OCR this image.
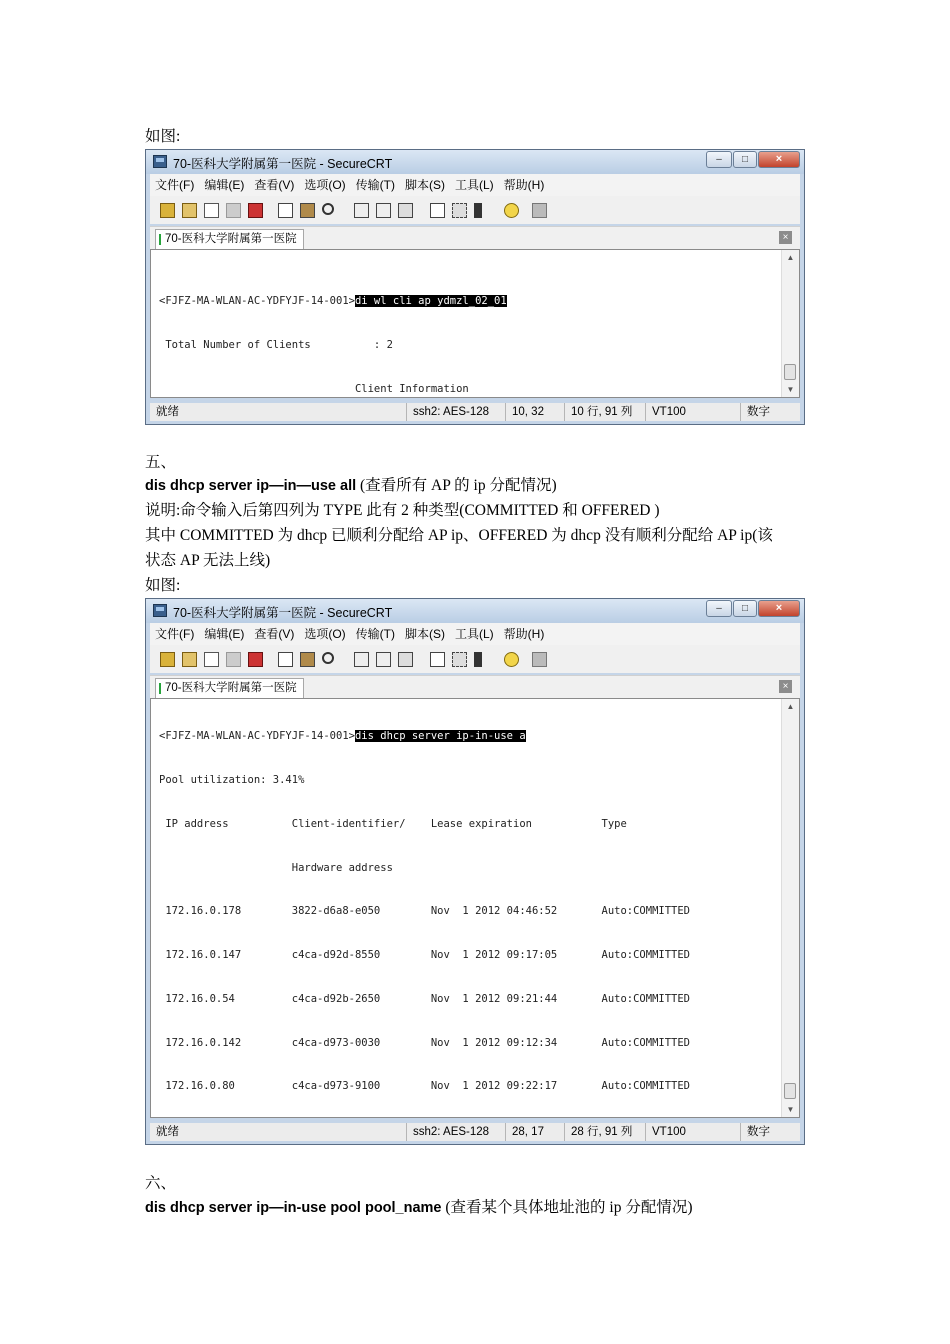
如图:
70-医科大学附属第一医院 - SecureCRT	–	□	×
文件(F) 编辑(E) 查看(V) 选项(O) 传输(T) 脚本(S) 工具(L) 帮助(H)
70-医科大学附属第一医院	×

<FJFZ-MA-WLAN-AC-YDFYJF-14-001>di wl cli ap ydmzl_02_01

Total Number of Clients          : 2

Client Information

▲
▼
就绪	ssh2: AES-128	10, 32	10 行, 91 列	VT100	数字
五、
dis dhcp server ip—in—use all (查看所有 AP 的 ip 分配情况)
说明:命令输入后第四列为 TYPE 此有 2 种类型(COMMITTED 和 OFFERED )
其中 COMMITTED 为 dhcp 已顺利分配给 AP ip、OFFERED 为 dhcp 没有顺利分配给 AP ip(该
状态 AP 无法上线)
如图:
70-医科大学附属第一医院 - SecureCRT	–	□	×
文件(F) 编辑(E) 查看(V) 选项(O) 传输(T) 脚本(S) 工具(L) 帮助(H)
70-医科大学附属第一医院	×

<FJFZ-MA-WLAN-AC-YDFYJF-14-001>dis dhcp server ip-in-use a

Pool utilization: 3.41%

IP address          Client-identifier/    Lease expiration           Type

Hardware address

172.16.0.178        3822-d6a8-e050        Nov  1 2012 04:46:52       Auto:COMMITTED

172.16.0.147        c4ca-d92d-8550        Nov  1 2012 09:17:05       Auto:COMMITTED

172.16.0.54         c4ca-d92b-2650        Nov  1 2012 09:21:44       Auto:COMMITTED

172.16.0.142        c4ca-d973-0030        Nov  1 2012 09:12:34       Auto:COMMITTED

172.16.0.80         c4ca-d973-9100        Nov  1 2012 09:22:17       Auto:COMMITTED

▲
▼
就绪	ssh2: AES-128	28, 17	28 行, 91 列	VT100	数字
六、
dis dhcp server ip—in-use pool pool_name (查看某个具体地址池的 ip 分配情况)
